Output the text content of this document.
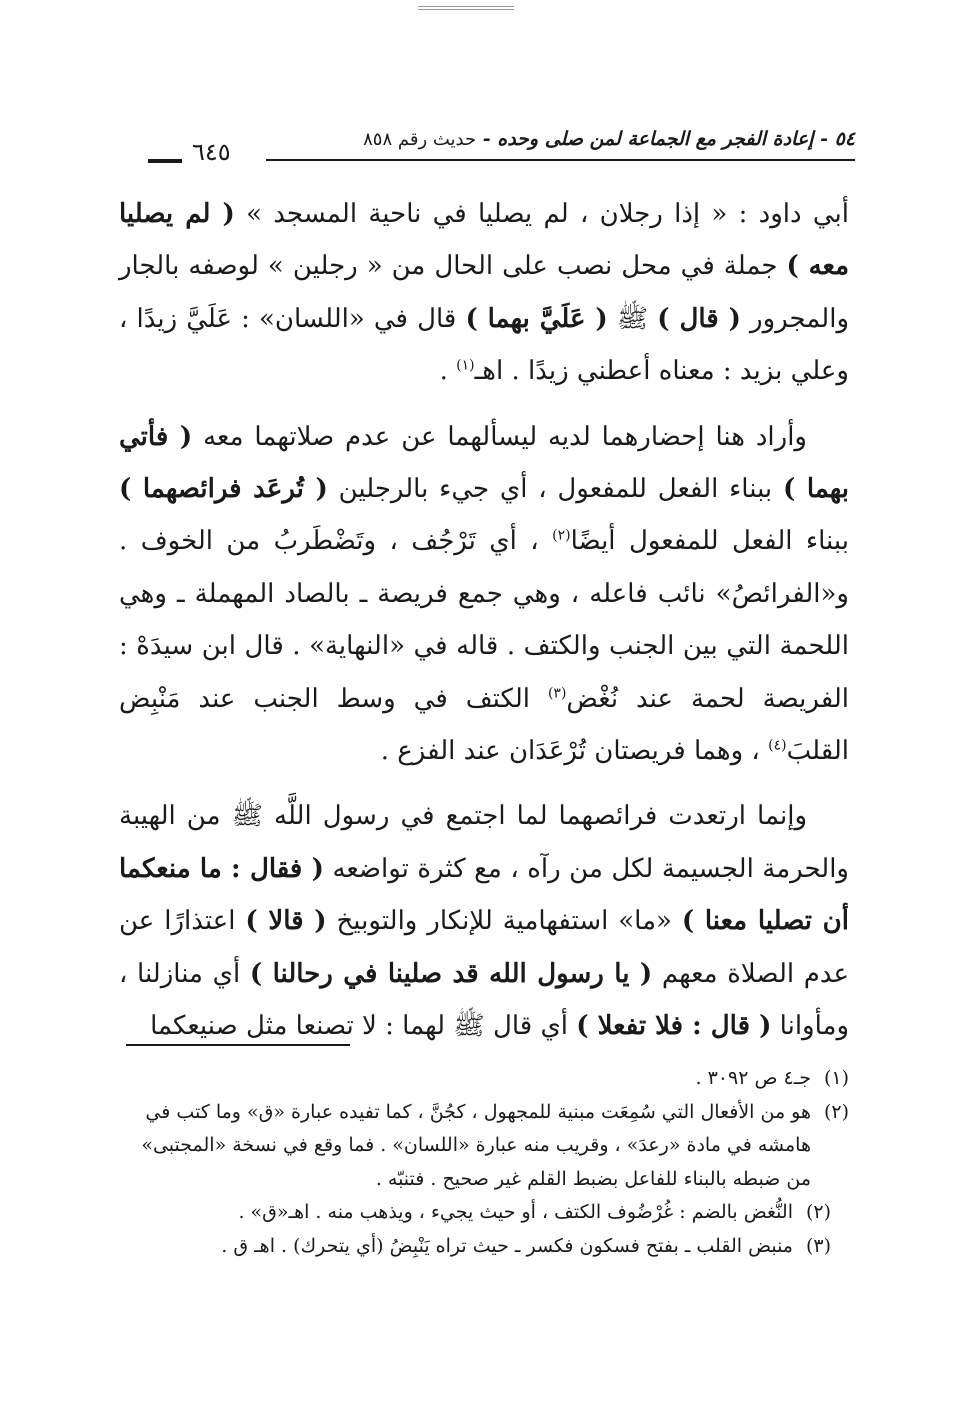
٥٤ - إعادة الفجر مع الجماعة لمن صلى وحده - حديث رقم ٨٥٨
٦٤٥

أبي داود : « إذا رجلان ، لم يصليا في ناحية المسجد » ( لم يصليا معه ) جملة في محل نصب على الحال من « رجلين » لوصفه بالجار والمجرور ( قال ) ﷺ ( عَلَيَّ بهما ) قال في «اللسان» : عَلَيَّ زيدًا ، وعلي بزيد : معناه أعطني زيدًا . اهـ$^{(١)}$ .

وأراد هنا إحضارهما لديه ليسألهما عن عدم صلاتهما معه ( فأتي بهما ) ببناء الفعل للمفعول ، أي جيء بالرجلين ( تُرعَد فرائصهما ) ببناء الفعل للمفعول أيضًا$^{(٢)}$ ، أي تَرْجُف ، وتَضْطَربُ من الخوف . و«الفرائصُ» نائب فاعله ، وهي جمع فريصة ـ بالصاد المهملة ـ وهي اللحمة التي بين الجنب والكتف . قاله في «النهاية» . قال ابن سيدَهْ : الفريصة لحمة عند نُغْض$^{(٣)}$ الكتف في وسط الجنب عند مَنْبِض القلبَ$^{(٤)}$ ، وهما فريصتان تُرْعَدَان عند الفزع .

وإنما ارتعدت فرائصهما لما اجتمع في رسول اللَّه ﷺ من الهيبة والحرمة الجسيمة لكل من رآه ، مع كثرة تواضعه ( فقال : ما منعكما أن تصليا معنا ) «ما» استفهامية للإنكار والتوبيخ ( قالا ) اعتذارًا عن عدم الصلاة معهم ( يا رسول الله قد صلينا في رحالنا ) أي منازلنا ، ومأوانا ( قال : فلا تفعلا ) أي قال ﷺ لهما : لا تصنعا مثل صنيعكما

(١)
جـ٤ ص ٣٠٩٢ .
(٢)
هو من الأفعال التي سُمِعَت مبنية للمجهول ، كجُنَّ ، كما تفيده عبارة «ق» وما كتب في هامشه في مادة «رعدَ» ، وقريب منه عبارة «اللسان» . فما وقع في نسخة «المجتبى» من ضبطه بالبناء للفاعل بضبط القلم غير صحيح . فتنبّه .
(٢)
النُّغض بالضم : غُرْضُوف الكتف ، أو حيث يجيء ، ويذهب منه . اهـ«ق» .
(٣)
منبض القلب ـ بفتح فسكون فكسر ـ حيث تراه يَنْبِضُ (أي يتحرك) . اهـ ق .
